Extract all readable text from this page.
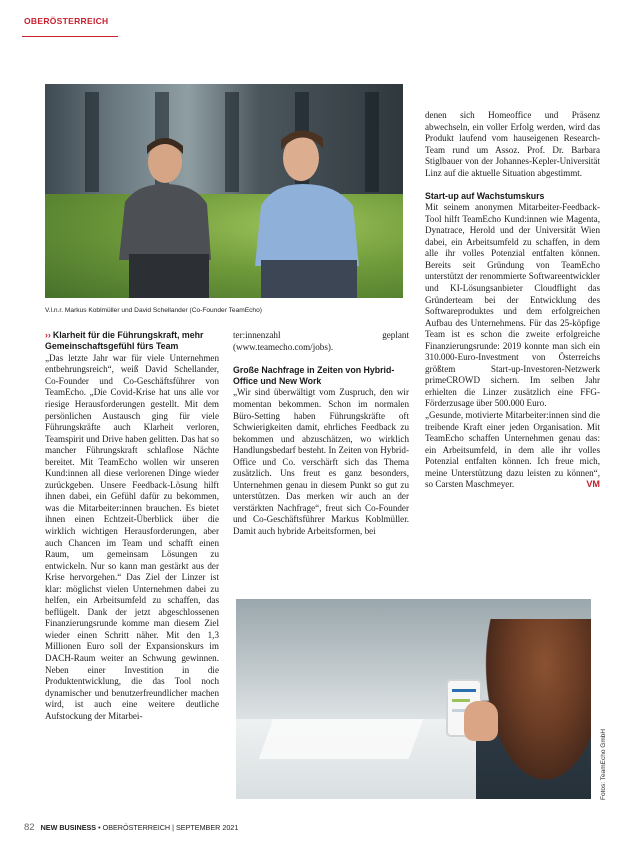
OBERÖSTERREICH
V.l.n.r. Markus Koblmüller und David Schellander (Co-Founder TeamEcho)

›› Klarheit für die Führungskraft, mehr Gemeinschaftsgefühl fürs Team

„Das letzte Jahr war für viele Unternehmen entbehrungsreich“, weiß David Schellander, Co-Founder und Co-Geschäftsführer von TeamEcho. „Die Covid-Krise hat uns alle vor riesige Herausforderungen gestellt. Mit dem persönlichen Austausch ging für viele Führungskräfte auch Klarheit verloren, Teamspirit und Drive haben gelitten. Das hat so mancher Führungskraft schlaflose Nächte bereitet. Mit TeamEcho wollen wir unseren Kund:innen all diese verlorenen Dinge wieder zurückgeben. Unsere Feedback-Lösung hilft ihnen dabei, ein Gefühl dafür zu bekommen, was die Mitarbeiter:innen brauchen. Es bietet ihnen einen Echtzeit-Überblick über die wirklich wichtigen Herausforderungen, aber auch Chancen im Team und schafft einen Raum, um gemeinsam Lösungen zu entwickeln. Nur so kann man gestärkt aus der Krise hervorgehen.“ Das Ziel der Linzer ist klar: möglichst vielen Unternehmen dabei zu helfen, ein Arbeitsumfeld zu schaffen, das beflügelt. Dank der jetzt abgeschlossenen Finanzierungsrunde komme man diesem Ziel wieder einen Schritt näher. Mit den 1,3 Millionen Euro soll der Expansionskurs im DACH-Raum weiter an Schwung gewinnen. Neben einer Investition in die Produktentwicklung, die das Tool noch dynamischer und benutzerfreundlicher machen wird, ist auch eine weitere deutliche Aufstockung der Mitarbei-

ter:innenzahl geplant (www.teamecho.com/jobs).

Große Nachfrage in Zeiten von Hybrid-Office und New Work

„Wir sind überwältigt vom Zuspruch, den wir momentan bekommen. Schon im normalen Büro-Setting haben Führungskräfte oft Schwierigkeiten damit, ehrliches Feedback zu bekommen und abzuschätzen, wo wirklich Handlungsbedarf besteht. In Zeiten von Hybrid-Office und Co. verschärft sich das Thema zusätzlich. Uns freut es ganz besonders, Unternehmen genau in diesem Punkt so gut zu unterstützen. Das merken wir auch an der verstärkten Nachfrage“, freut sich Co-Founder und Co-Geschäftsführer Markus Koblmüller. Damit auch hybride Arbeitsformen, bei

denen sich Homeoffice und Präsenz abwechseln, ein voller Erfolg werden, wird das Produkt laufend vom hauseigenen Research-Team rund um Assoz. Prof. Dr. Barbara Stiglbauer von der Johannes-Kepler-Universität Linz auf die aktuelle Situation abgestimmt.

Start-up auf Wachstumskurs

Mit seinem anonymen Mitarbeiter-Feedback-Tool hilft TeamEcho Kund:innen wie Magenta, Dynatrace, Herold und der Universität Wien dabei, ein Arbeitsumfeld zu schaffen, in dem alle ihr volles Potenzial entfalten können. Bereits seit Gründung von TeamEcho unterstützt der renommierte Softwareentwickler und KI-Lösungsanbieter Cloudflight das Gründerteam bei der Entwicklung des Softwareproduktes und dem erfolgreichen Aufbau des Unternehmens. Für das 25-köpfige Team ist es schon die zweite erfolgreiche Finanzierungsrunde: 2019 konnte man sich ein 310.000-Euro-Investment von Österreichs größtem Start-up-Investoren-Netzwerk primeCROWD sichern. Im selben Jahr erhielten die Linzer zusätzlich eine FFG-Förderzusage über 500.000 Euro.

„Gesunde, motivierte Mitarbeiter:innen sind die treibende Kraft einer jeden Organisation. Mit TeamEcho schaffen Unternehmen genau das: ein Arbeitsumfeld, in dem alle ihr volles Potenzial entfalten können. Ich freue mich, meine Unterstützung dazu leisten zu können“, so Carsten Maschmeyer.	VM

Fotos: TeamEcho GmbH
82 NEW BUSINESS • OBERÖSTERREICH | SEPTEMBER 2021
